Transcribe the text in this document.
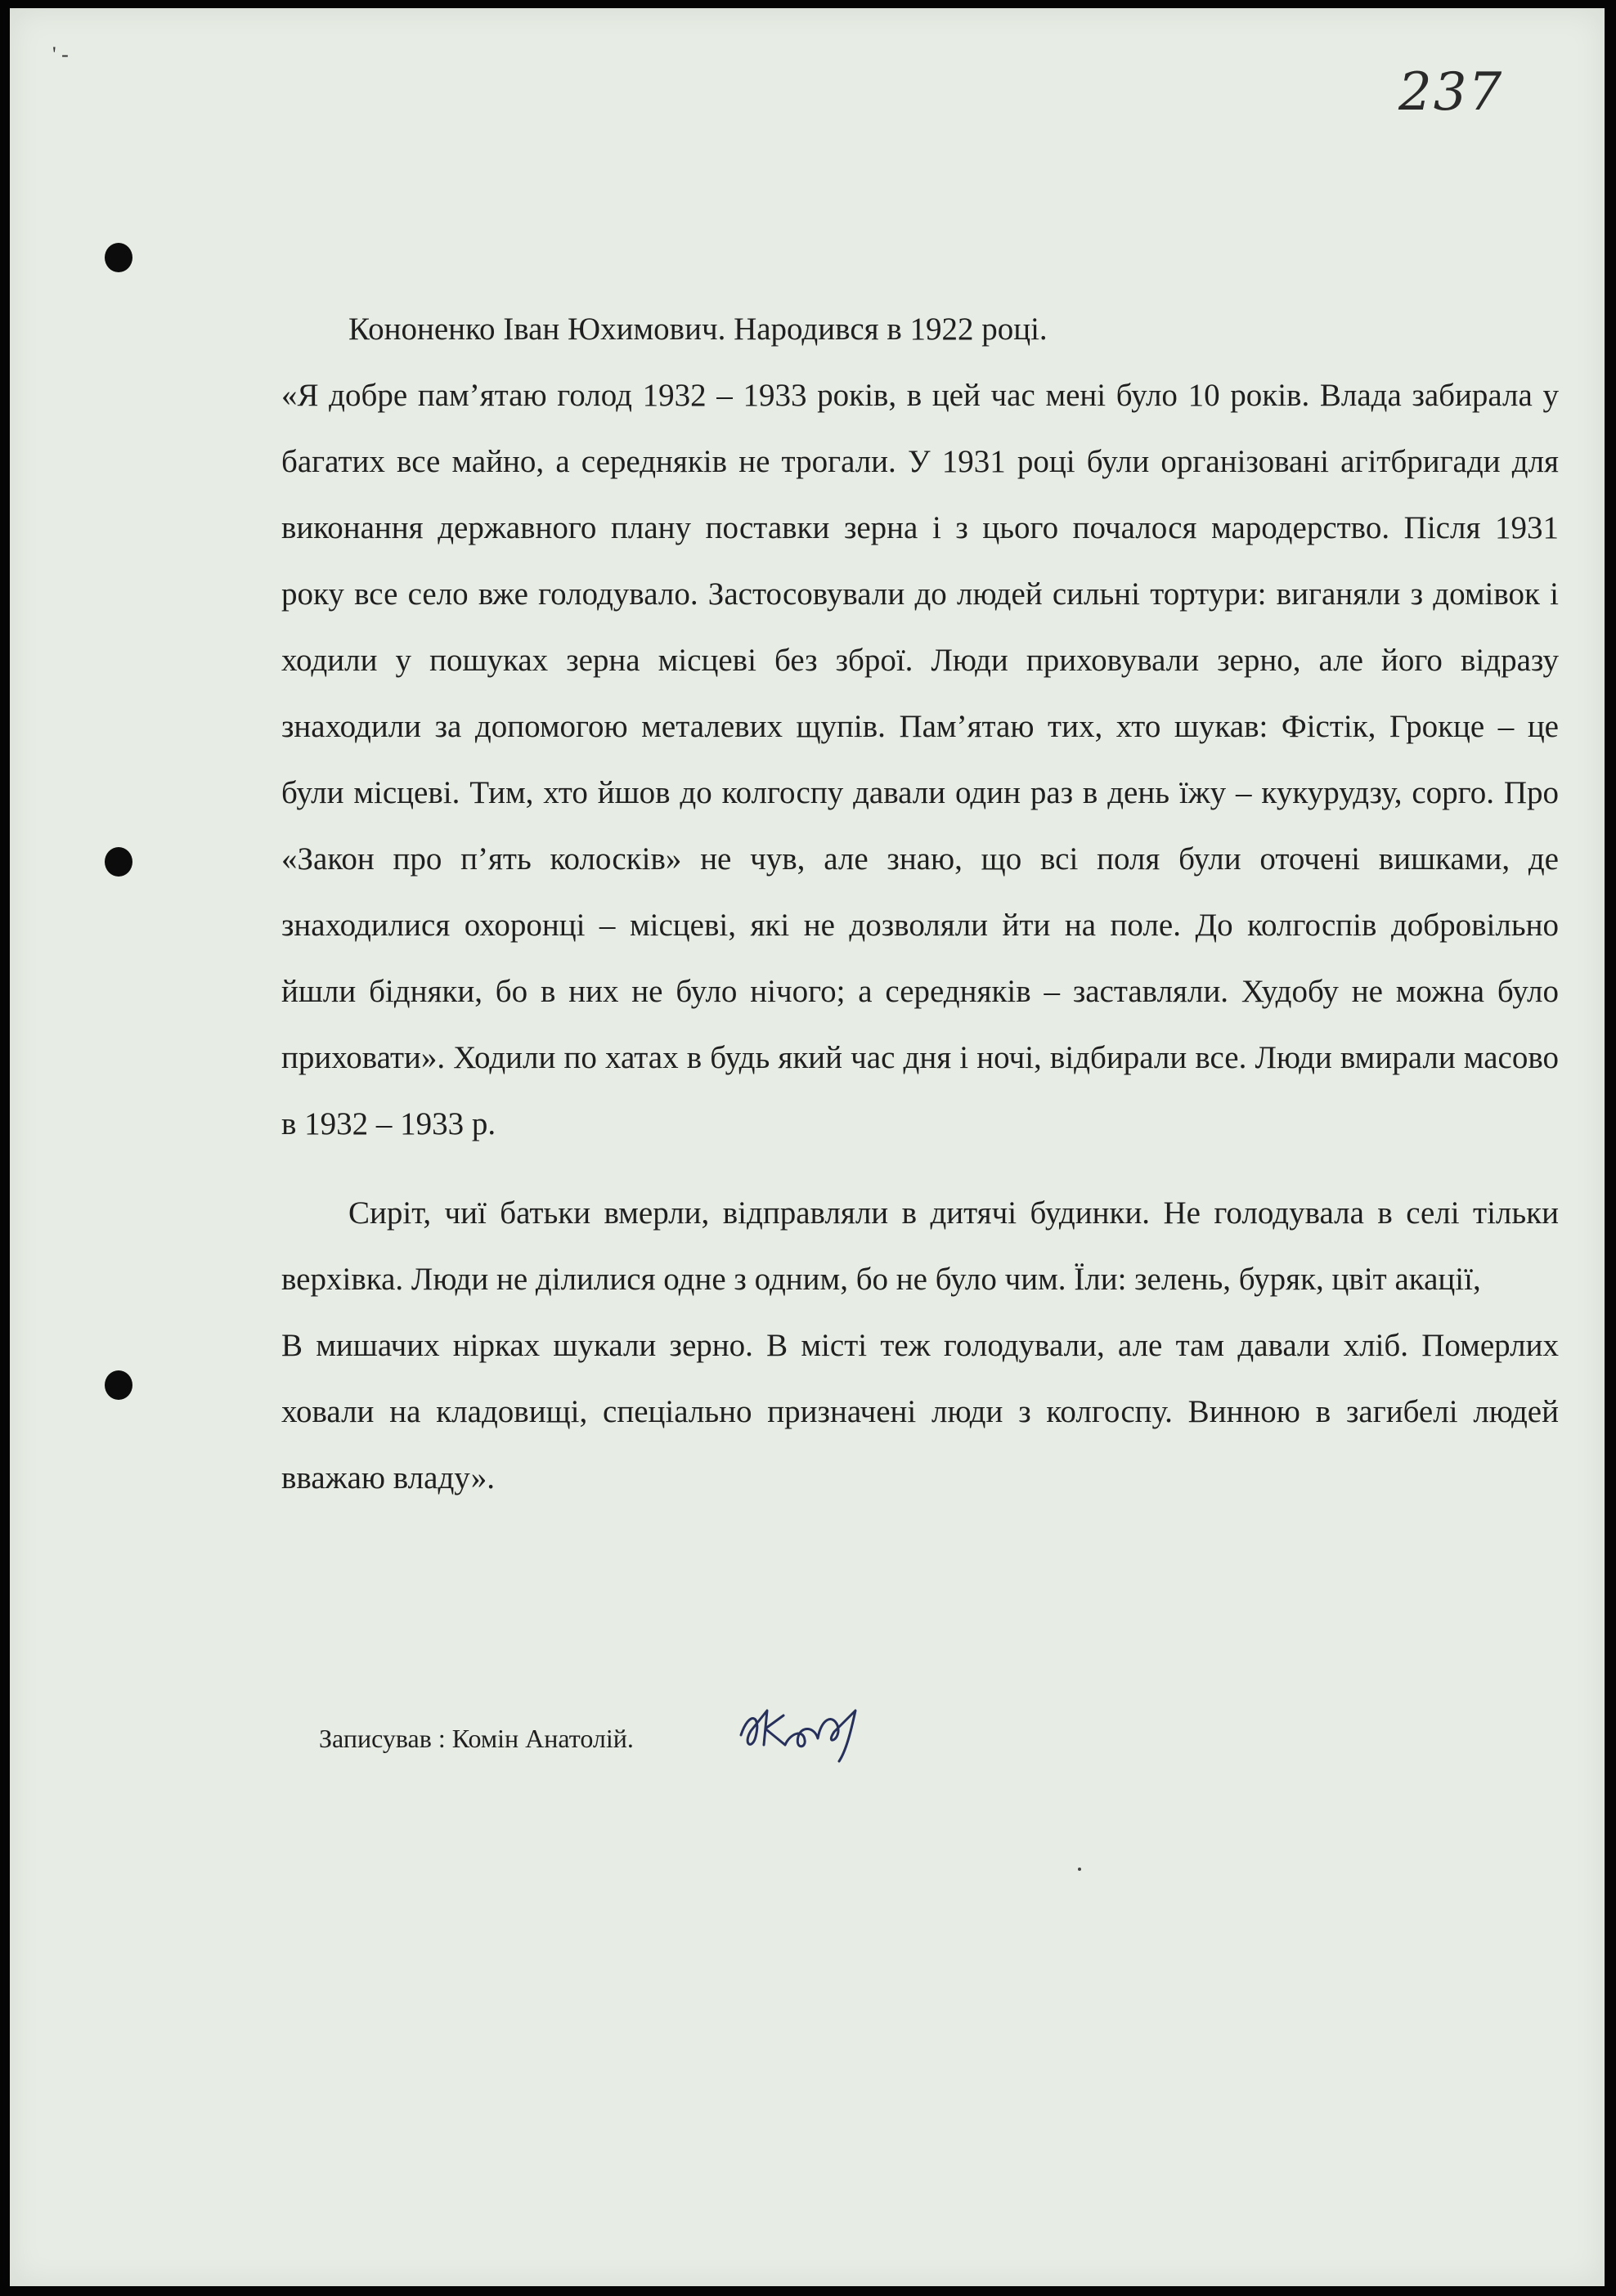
' -
237

Кононенко Іван Юхимович. Народився в 1922 році.

«Я добре пам’ятаю голод 1932 – 1933 років, в цей час мені було 10 років. Влада забирала у багатих все майно, а середняків не трогали. У 1931 році були організовані агітбригади для виконання державного плану поставки зерна і з цього почалося мародерство. Після 1931 року все село вже голодувало. Застосовували до людей сильні тортури: виганяли з домівок і ходили у пошуках зерна місцеві без зброї. Люди приховували зерно, але його відразу знаходили за допомогою металевих щупів. Пам’ятаю тих, хто шукав: Фістік, Грокце – це були місцеві. Тим, хто йшов до колгоспу давали один раз в день їжу – кукурудзу, сорго. Про «Закон про п’ять колосків» не чув, але знаю, що всі поля були оточені вишками, де знаходилися охоронці – місцеві, які не дозволяли йти на поле. До колгоспів добровільно йшли бідняки, бо в них не було нічого; а середняків – заставляли. Худобу не можна було приховати». Ходили по хатах в будь який час дня і ночі, відбирали все. Люди вмирали масово в 1932 – 1933 р.

Сиріт, чиї батьки вмерли, відправляли в дитячі будинки. Не голодувала в селі тільки верхівка. Люди не ділилися одне з одним, бо не було чим. Їли: зелень, буряк, цвіт акації,

В мишачих нірках шукали зерно. В місті теж голодували, але там давали хліб. Померлих ховали на кладовищі, спеціально призначені люди з колгоспу. Винною в загибелі людей вважаю владу».

Записував : Комін Анатолій.
